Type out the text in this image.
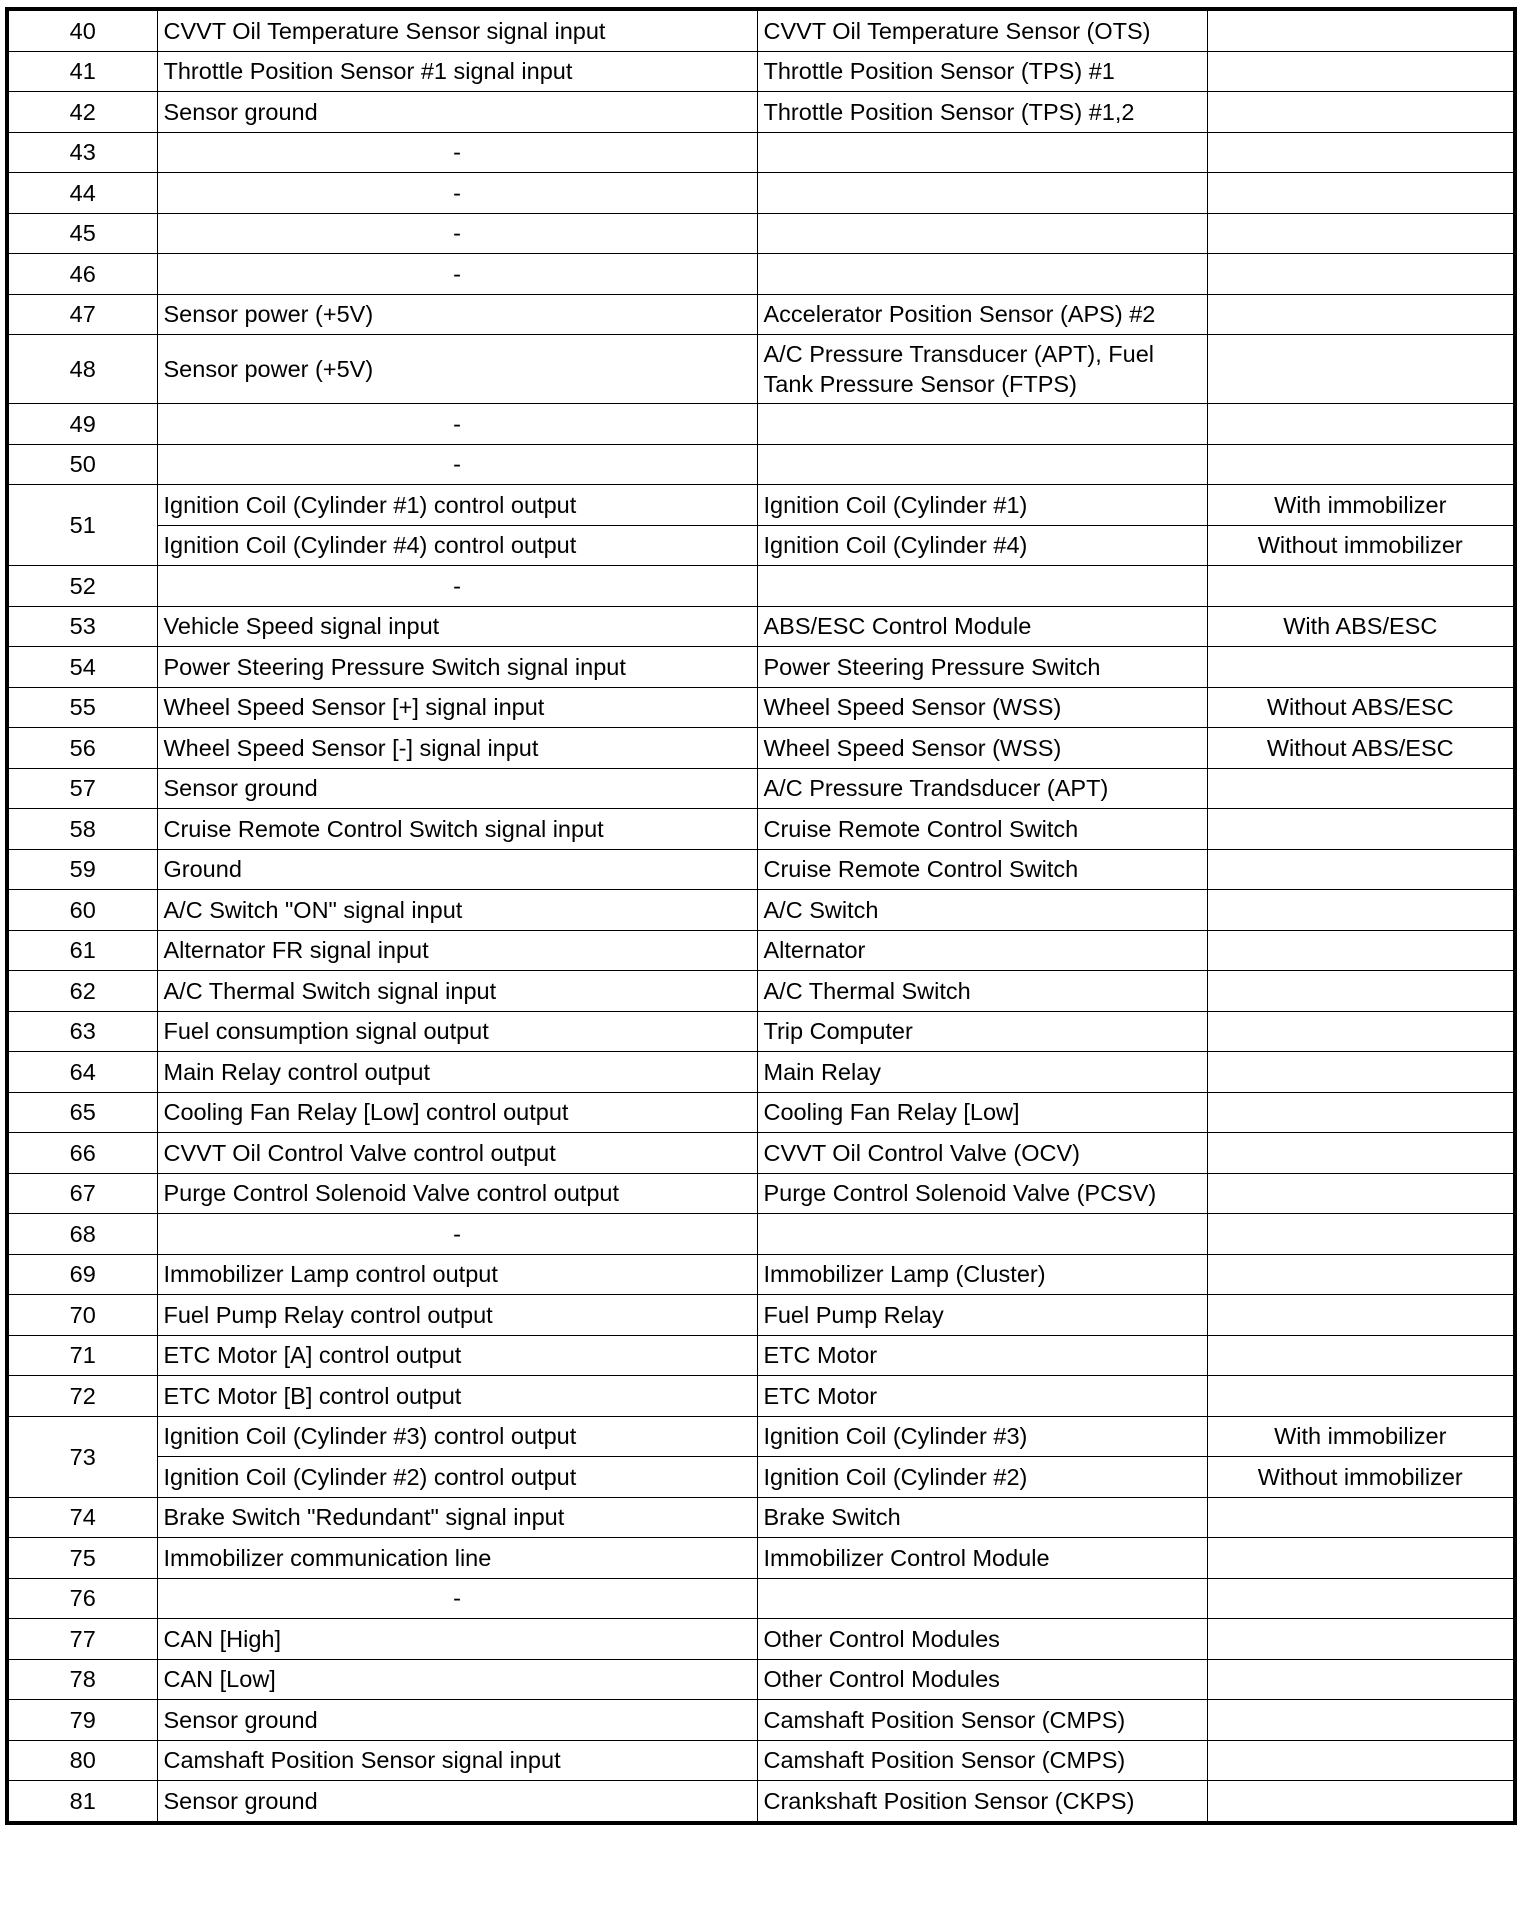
40	CVVT Oil Temperature Sensor signal input	CVVT Oil Temperature Sensor (OTS)	
41	Throttle Position Sensor #1 signal input	Throttle Position Sensor (TPS) #1	
42	Sensor ground	Throttle Position Sensor (TPS) #1,2	
43	-		
44	-		
45	-		
46	-		
47	Sensor power (+5V)	Accelerator Position Sensor (APS) #2	
48	Sensor power (+5V)	A/C Pressure Transducer (APT), Fuel Tank Pressure Sensor (FTPS)	
49	-		
50	-		
51	Ignition Coil (Cylinder #1) control output	Ignition Coil (Cylinder #1)	With immobilizer
	Ignition Coil (Cylinder #4) control output	Ignition Coil (Cylinder #4)	Without immobilizer
52	-		
53	Vehicle Speed signal input	ABS/ESC Control Module	With ABS/ESC
54	Power Steering Pressure Switch signal input	Power Steering Pressure Switch	
55	Wheel Speed Sensor [+] signal input	Wheel Speed Sensor (WSS)	Without ABS/ESC
56	Wheel Speed Sensor [-] signal input	Wheel Speed Sensor (WSS)	Without ABS/ESC
57	Sensor ground	A/C Pressure Trandsducer (APT)	
58	Cruise Remote Control Switch signal input	Cruise Remote Control Switch	
59	Ground	Cruise Remote Control Switch	
60	A/C Switch "ON" signal input	A/C Switch	
61	Alternator FR signal input	Alternator	
62	A/C Thermal Switch signal input	A/C Thermal Switch	
63	Fuel consumption signal output	Trip Computer	
64	Main Relay control output	Main Relay	
65	Cooling Fan Relay [Low] control output	Cooling Fan Relay [Low]	
66	CVVT Oil Control Valve control output	CVVT Oil Control Valve (OCV)	
67	Purge Control Solenoid Valve control output	Purge Control Solenoid Valve (PCSV)	
68	-		
69	Immobilizer Lamp control output	Immobilizer Lamp (Cluster)	
70	Fuel Pump Relay control output	Fuel Pump Relay	
71	ETC Motor [A] control output	ETC Motor	
72	ETC Motor [B] control output	ETC Motor	
73	Ignition Coil (Cylinder #3) control output	Ignition Coil (Cylinder #3)	With immobilizer
	Ignition Coil (Cylinder #2) control output	Ignition Coil (Cylinder #2)	Without immobilizer
74	Brake Switch "Redundant" signal input	Brake Switch	
75	Immobilizer communication line	Immobilizer Control Module	
76	-		
77	CAN [High]	Other Control Modules	
78	CAN [Low]	Other Control Modules	
79	Sensor ground	Camshaft Position Sensor (CMPS)	
80	Camshaft Position Sensor signal input	Camshaft Position Sensor (CMPS)	
81	Sensor ground	Crankshaft Position Sensor (CKPS)	
